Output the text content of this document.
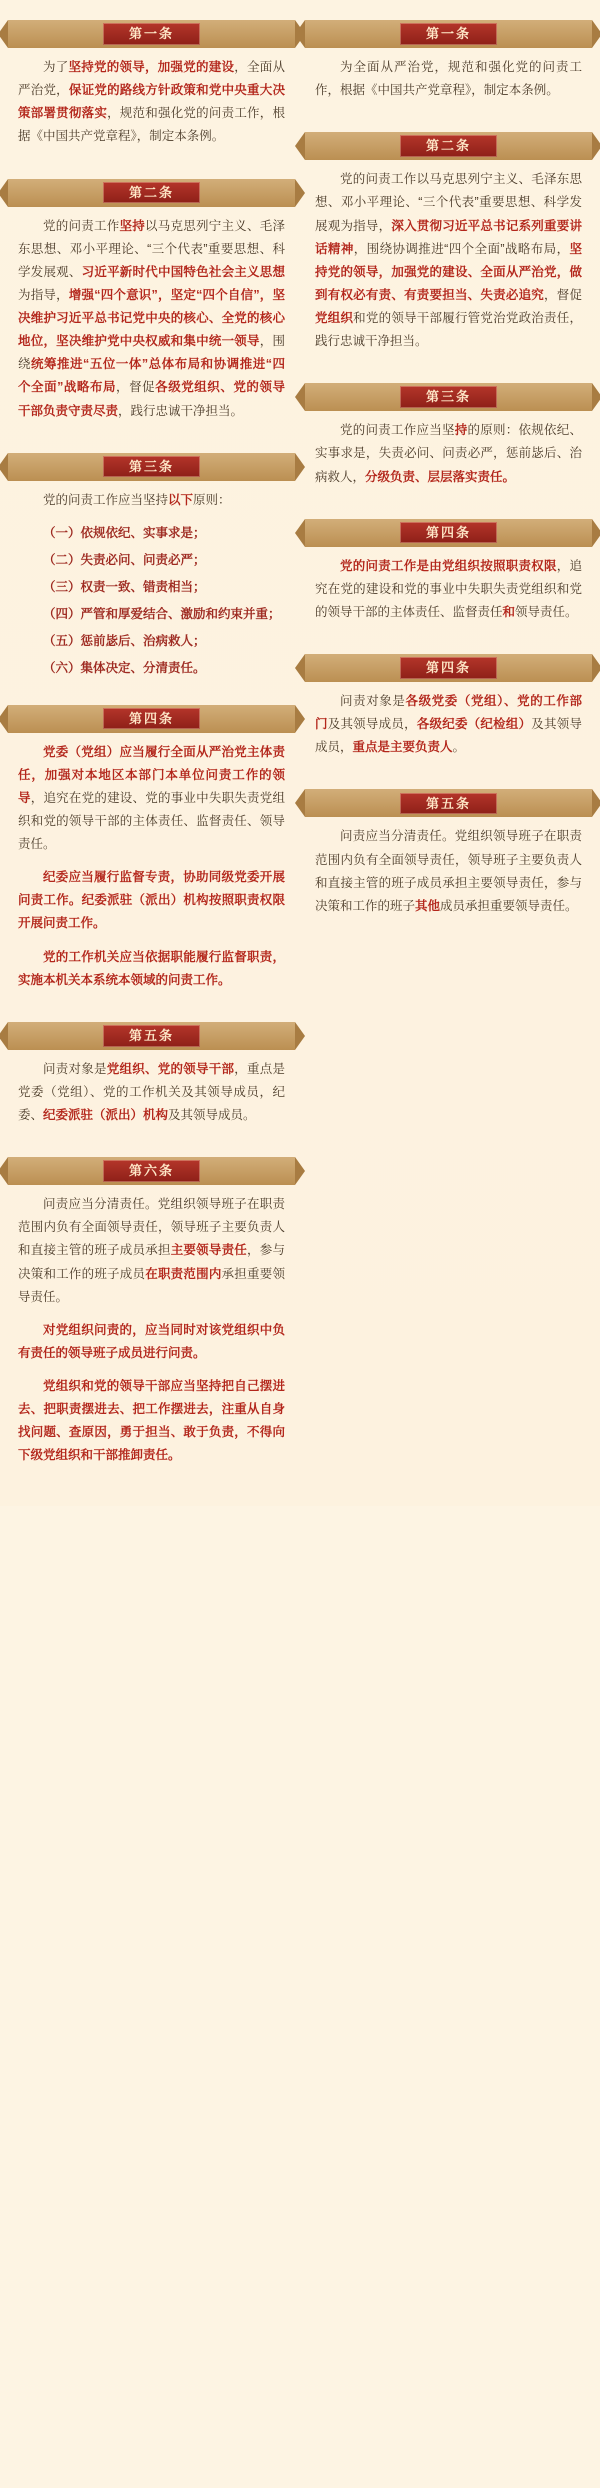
第一条

为了坚持党的领导，加强党的建设，全面从严治党，保证党的路线方针政策和党中央重大决策部署贯彻落实，规范和强化党的问责工作，根据《中国共产党章程》，制定本条例。

第二条

党的问责工作坚持以马克思列宁主义、毛泽东思想、邓小平理论、“三个代表”重要思想、科学发展观、习近平新时代中国特色社会主义思想为指导，增强“四个意识”，坚定“四个自信”，坚决维护习近平总书记党中央的核心、全党的核心地位，坚决维护党中央权威和集中统一领导，围绕统筹推进“五位一体”总体布局和协调推进“四个全面”战略布局，督促各级党组织、党的领导干部负责守责尽责，践行忠诚干净担当。

第三条

党的问责工作应当坚持以下原则：

（一）依规依纪、实事求是；

（二）失责必问、问责必严；

（三）权责一致、错责相当；

（四）严管和厚爱结合、激励和约束并重；

（五）惩前毖后、治病救人；

（六）集体决定、分清责任。

第四条

党委（党组）应当履行全面从严治党主体责任，加强对本地区本部门本单位问责工作的领导，追究在党的建设、党的事业中失职失责党组织和党的领导干部的主体责任、监督责任、领导责任。

纪委应当履行监督专责，协助同级党委开展问责工作。纪委派驻（派出）机构按照职责权限开展问责工作。

党的工作机关应当依据职能履行监督职责，实施本机关本系统本领域的问责工作。

第五条

问责对象是党组织、党的领导干部，重点是党委（党组）、党的工作机关及其领导成员，纪委、纪委派驻（派出）机构及其领导成员。

第六条

问责应当分清责任。党组织领导班子在职责范围内负有全面领导责任，领导班子主要负责人和直接主管的班子成员承担主要领导责任，参与决策和工作的班子成员在职责范围内承担重要领导责任。

对党组织问责的，应当同时对该党组织中负有责任的领导班子成员进行问责。

党组织和党的领导干部应当坚持把自己摆进去、把职责摆进去、把工作摆进去，注重从自身找问题、查原因，勇于担当、敢于负责，不得向下级党组织和干部推卸责任。

第一条

为全面从严治党，规范和强化党的问责工作，根据《中国共产党章程》，制定本条例。

第二条

党的问责工作以马克思列宁主义、毛泽东思想、邓小平理论、“三个代表”重要思想、科学发展观为指导，深入贯彻习近平总书记系列重要讲话精神，围绕协调推进“四个全面”战略布局，坚持党的领导，加强党的建设、全面从严治党，做到有权必有责、有责要担当、失责必追究，督促党组织和党的领导干部履行管党治党政治责任，践行忠诚干净担当。

第三条

党的问责工作应当坚持的原则：依规依纪、实事求是，失责必问、问责必严，惩前毖后、治病救人，分级负责、层层落实责任。

第四条

党的问责工作是由党组织按照职责权限，追究在党的建设和党的事业中失职失责党组织和党的领导干部的主体责任、监督责任和领导责任。

第四条

问责对象是各级党委（党组）、党的工作部门及其领导成员，各级纪委（纪检组）及其领导成员，重点是主要负责人。

第五条

问责应当分清责任。党组织领导班子在职责范围内负有全面领导责任，领导班子主要负责人和直接主管的班子成员承担主要领导责任，参与决策和工作的班子其他成员承担重要领导责任。
